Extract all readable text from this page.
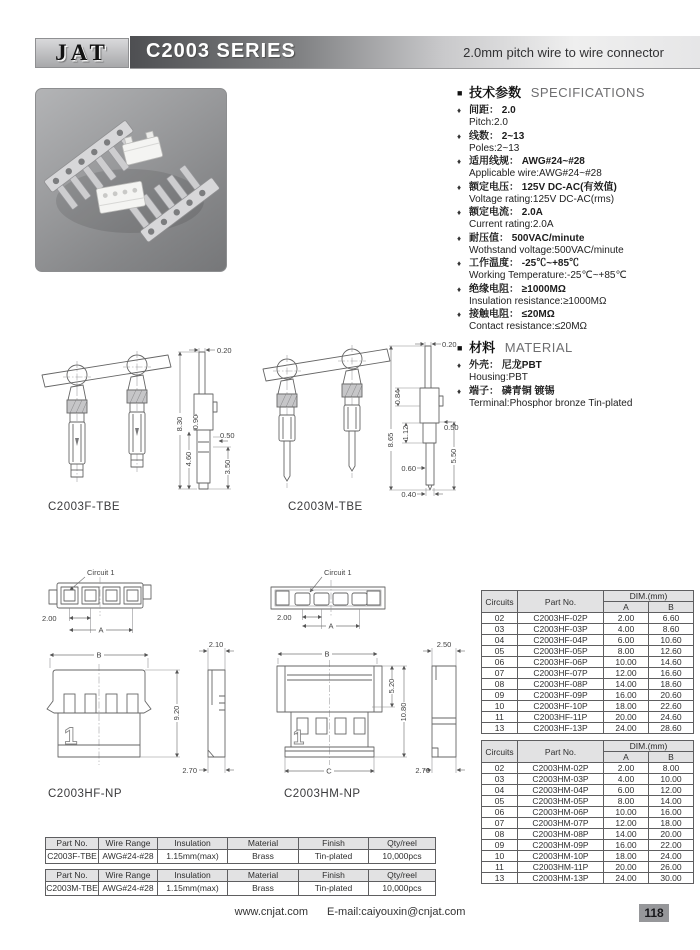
JAT C2003 SERIES	2.0mm pitch wire to wire connector
■ 技术参数 SPECIFICATIONS
♦ 间距： 2.0
Pitch:2.0
♦ 线数： 2~13
Poles:2~13
♦ 适用线规： AWG#24~#28
Applicable wire:AWG#24~#28
♦ 额定电压： 125V DC-AC(有效值)
Voltage rating:125V DC-AC(rms)
♦ 额定电流： 2.0A
Current rating:2.0A
♦ 耐压值： 500VAC/minute
Wothstand voltage:500VAC/minute
♦ 工作温度： -25℃~+85℃
Working Temperature:-25℃~+85℃
♦ 绝缘电阻： ≥1000MΩ
Insulation resistance:≥1000MΩ
♦ 接触电阻： ≤20MΩ
Contact resistance:≤20MΩ
■ 材料 MATERIAL
♦ 外壳： 尼龙PBT
Housing:PBT
♦ 端子： 磷青铜 镀锡
Terminal:Phosphor bronze Tin-plated
0.20
8.30 0.90
4.60
0.50
3.50
C2003F-TBE
0.20
8.65
0.84
1.12
0.60
0.40
0.50
5.50
C2003M-TBE
Circuit 1
2.00
A
B
1
9.20
2.10
2.70
C2003HF-NP
Circuit 1
2.00
A
B
1
C
5.20
10.80
2.50
2.70
C2003HM-NP
Circuits	Part No.	DIM.(mm)	
		A	B
02	C2003HF-02P	2.00	6.60
03	C2003HF-03P	4.00	8.60
04	C2003HF-04P	6.00	10.60
05	C2003HF-05P	8.00	12.60
06	C2003HF-06P	10.00	14.60
07	C2003HF-07P	12.00	16.60
08	C2003HF-08P	14.00	18.60
09	C2003HF-09P	16.00	20.60
10	C2003HF-10P	18.00	22.60
11	C2003HF-11P	20.00	24.60
13	C2003HF-13P	24.00	28.60
Circuits	Part No.	DIM.(mm)	
		A	B
02	C2003HM-02P	2.00	8.00
03	C2003HM-03P	4.00	10.00
04	C2003HM-04P	6.00	12.00
05	C2003HM-05P	8.00	14.00
06	C2003HM-06P	10.00	16.00
07	C2003HM-07P	12.00	18.00
08	C2003HM-08P	14.00	20.00
09	C2003HM-09P	16.00	22.00
10	C2003HM-10P	18.00	24.00
11	C2003HM-11P	20.00	26.00
13	C2003HM-13P	24.00	30.00
Part No.	Wire Range	Insulation	Material	Finish	Qty/reel
C2003F-TBE	AWG#24-#28	1.15mm(max)	Brass	Tin-plated	10,000pcs
Part No.	Wire Range	Insulation	Material	Finish	Qty/reel
C2003M-TBE	AWG#24-#28	1.15mm(max)	Brass	Tin-plated	10,000pcs
www.cnjat.com E-mail:caiyouxin@cnjat.com	118
